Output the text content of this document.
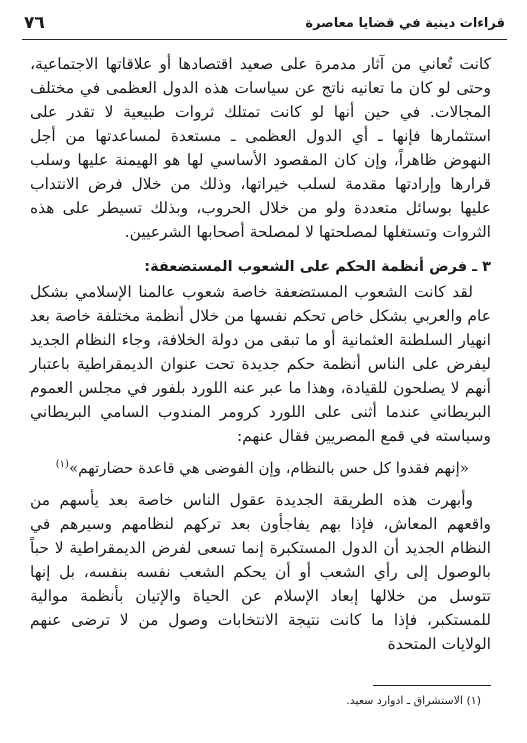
قراءات دينية في قضايا معاصرة
٧٦

كانت تُعاني من آثار مدمرة على صعيد اقتصادها أو علاقاتها الاجتماعية، وحتى لو كان ما تعانيه ناتج عن سياسات هذه الدول العظمى في مختلف المجالات. في حين أنها لو كانت تمتلك ثروات طبيعية لا تقدر على استثمارها فإنها ـ أي الدول العظمى ـ مستعدة لمساعدتها من أجل النهوض ظاهراً، وإن كان المقصود الأساسي لها هو الهيمنة عليها وسلب قرارها وإرادتها مقدمة لسلب خيراتها، وذلك من خلال فرض الانتداب عليها بوسائل متعددة ولو من خلال الحروب، وبذلك تسيطر على هذه الثروات وتستغلها لمصلحتها لا لمصلحة أصحابها الشرعيين.

٣ ـ فرض أنظمة الحكم على الشعوب المستضعفة:

لقد كانت الشعوب المستضعفة خاصة شعوب عالمنا الإسلامي بشكل عام والعربي بشكل خاص تحكم نفسها من خلال أنظمة مختلفة خاصة بعد انهيار السلطنة العثمانية أو ما تبقى من دولة الخلافة، وجاء النظام الجديد ليفرض على الناس أنظمة حكم جديدة تحت عنوان الديمقراطية باعتبار أنهم لا يصلحون للقيادة، وهذا ما عبر عنه اللورد بلفور في مجلس العموم البريطاني عندما أثنى على اللورد كرومر المندوب السامي البريطاني وسياسته في قمع المصريين فقال عنهم:

«إنهم فقدوا كل حس بالنظام، وإن الفوضى هي قاعدة حضارتهم»$^{(١)}$

وأبهرت هذه الطريقة الجديدة عقول الناس خاصة بعد يأسهم من واقعهم المعاش، فإذا بهم يفاجأون بعد تركهم لنظامهم وسيرهم في النظام الجديد أن الدول المستكبرة إنما تسعى لفرض الديمقراطية لا حباً بالوصول إلى رأي الشعب أو أن يحكم الشعب نفسه بنفسه، بل إنها تتوسل من خلالها إبعاد الإسلام عن الحياة والإتيان بأنظمة موالية للمستكبر، فإذا ما كانت نتيجة الانتخابات وصول من لا ترضى عنهم الولايات المتحدة

(١) الاستشراق ـ ادوارد سعيد.
